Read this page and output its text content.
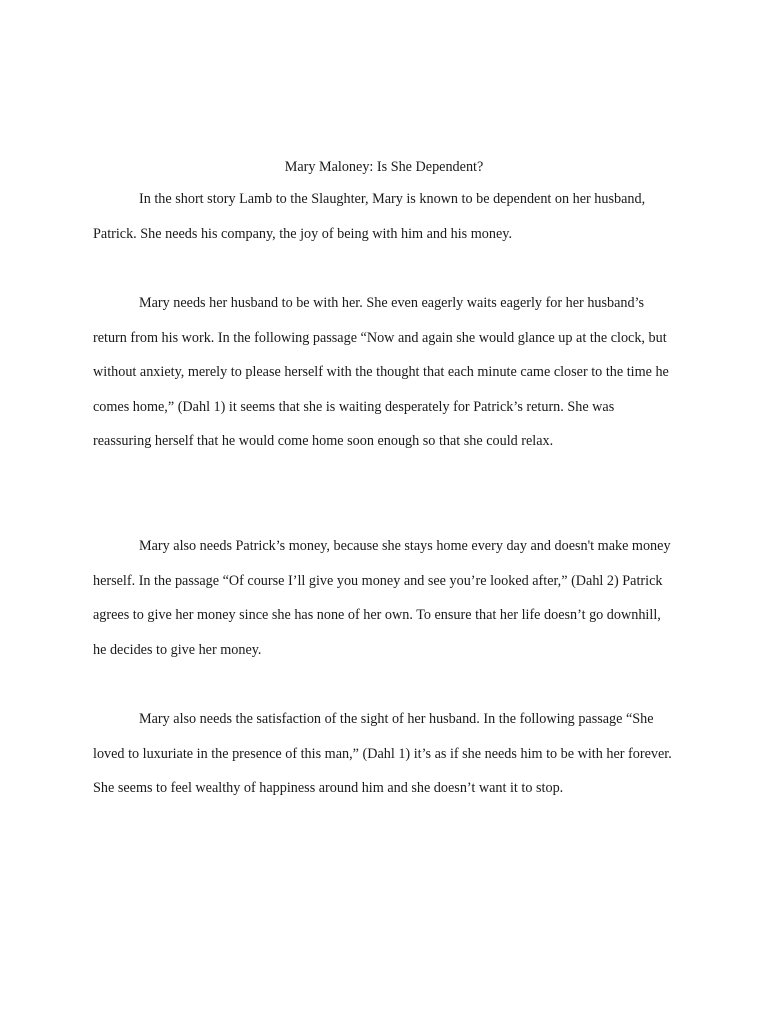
Mary Maloney: Is She Dependent?

In the short story Lamb to the Slaughter, Mary is known to be dependent on her husband, Patrick. She needs his company, the joy of being with him and his money.

Mary needs her husband to be with her. She even eagerly waits eagerly for her husband’s return from his work. In the following passage “Now and again she would glance up at the clock, but without anxiety, merely to please herself with the thought that each minute came closer to the time he comes home,” (Dahl 1) it seems that she is waiting desperately for Patrick’s return. She was reassuring herself that he would come home soon enough so that she could relax.

Mary also needs Patrick’s money, because she stays home every day and doesn't make money herself. In the passage “Of course I’ll give you money and see you’re looked after,” (Dahl 2) Patrick agrees to give her money since she has none of her own. To ensure that her life doesn’t go downhill, he decides to give her money.

Mary also needs the satisfaction of the sight of her husband. In the following passage “She loved to luxuriate in the presence of this man,” (Dahl 1) it’s as if she needs him to be with her forever. She seems to feel wealthy of happiness around him and she doesn’t want it to stop.
